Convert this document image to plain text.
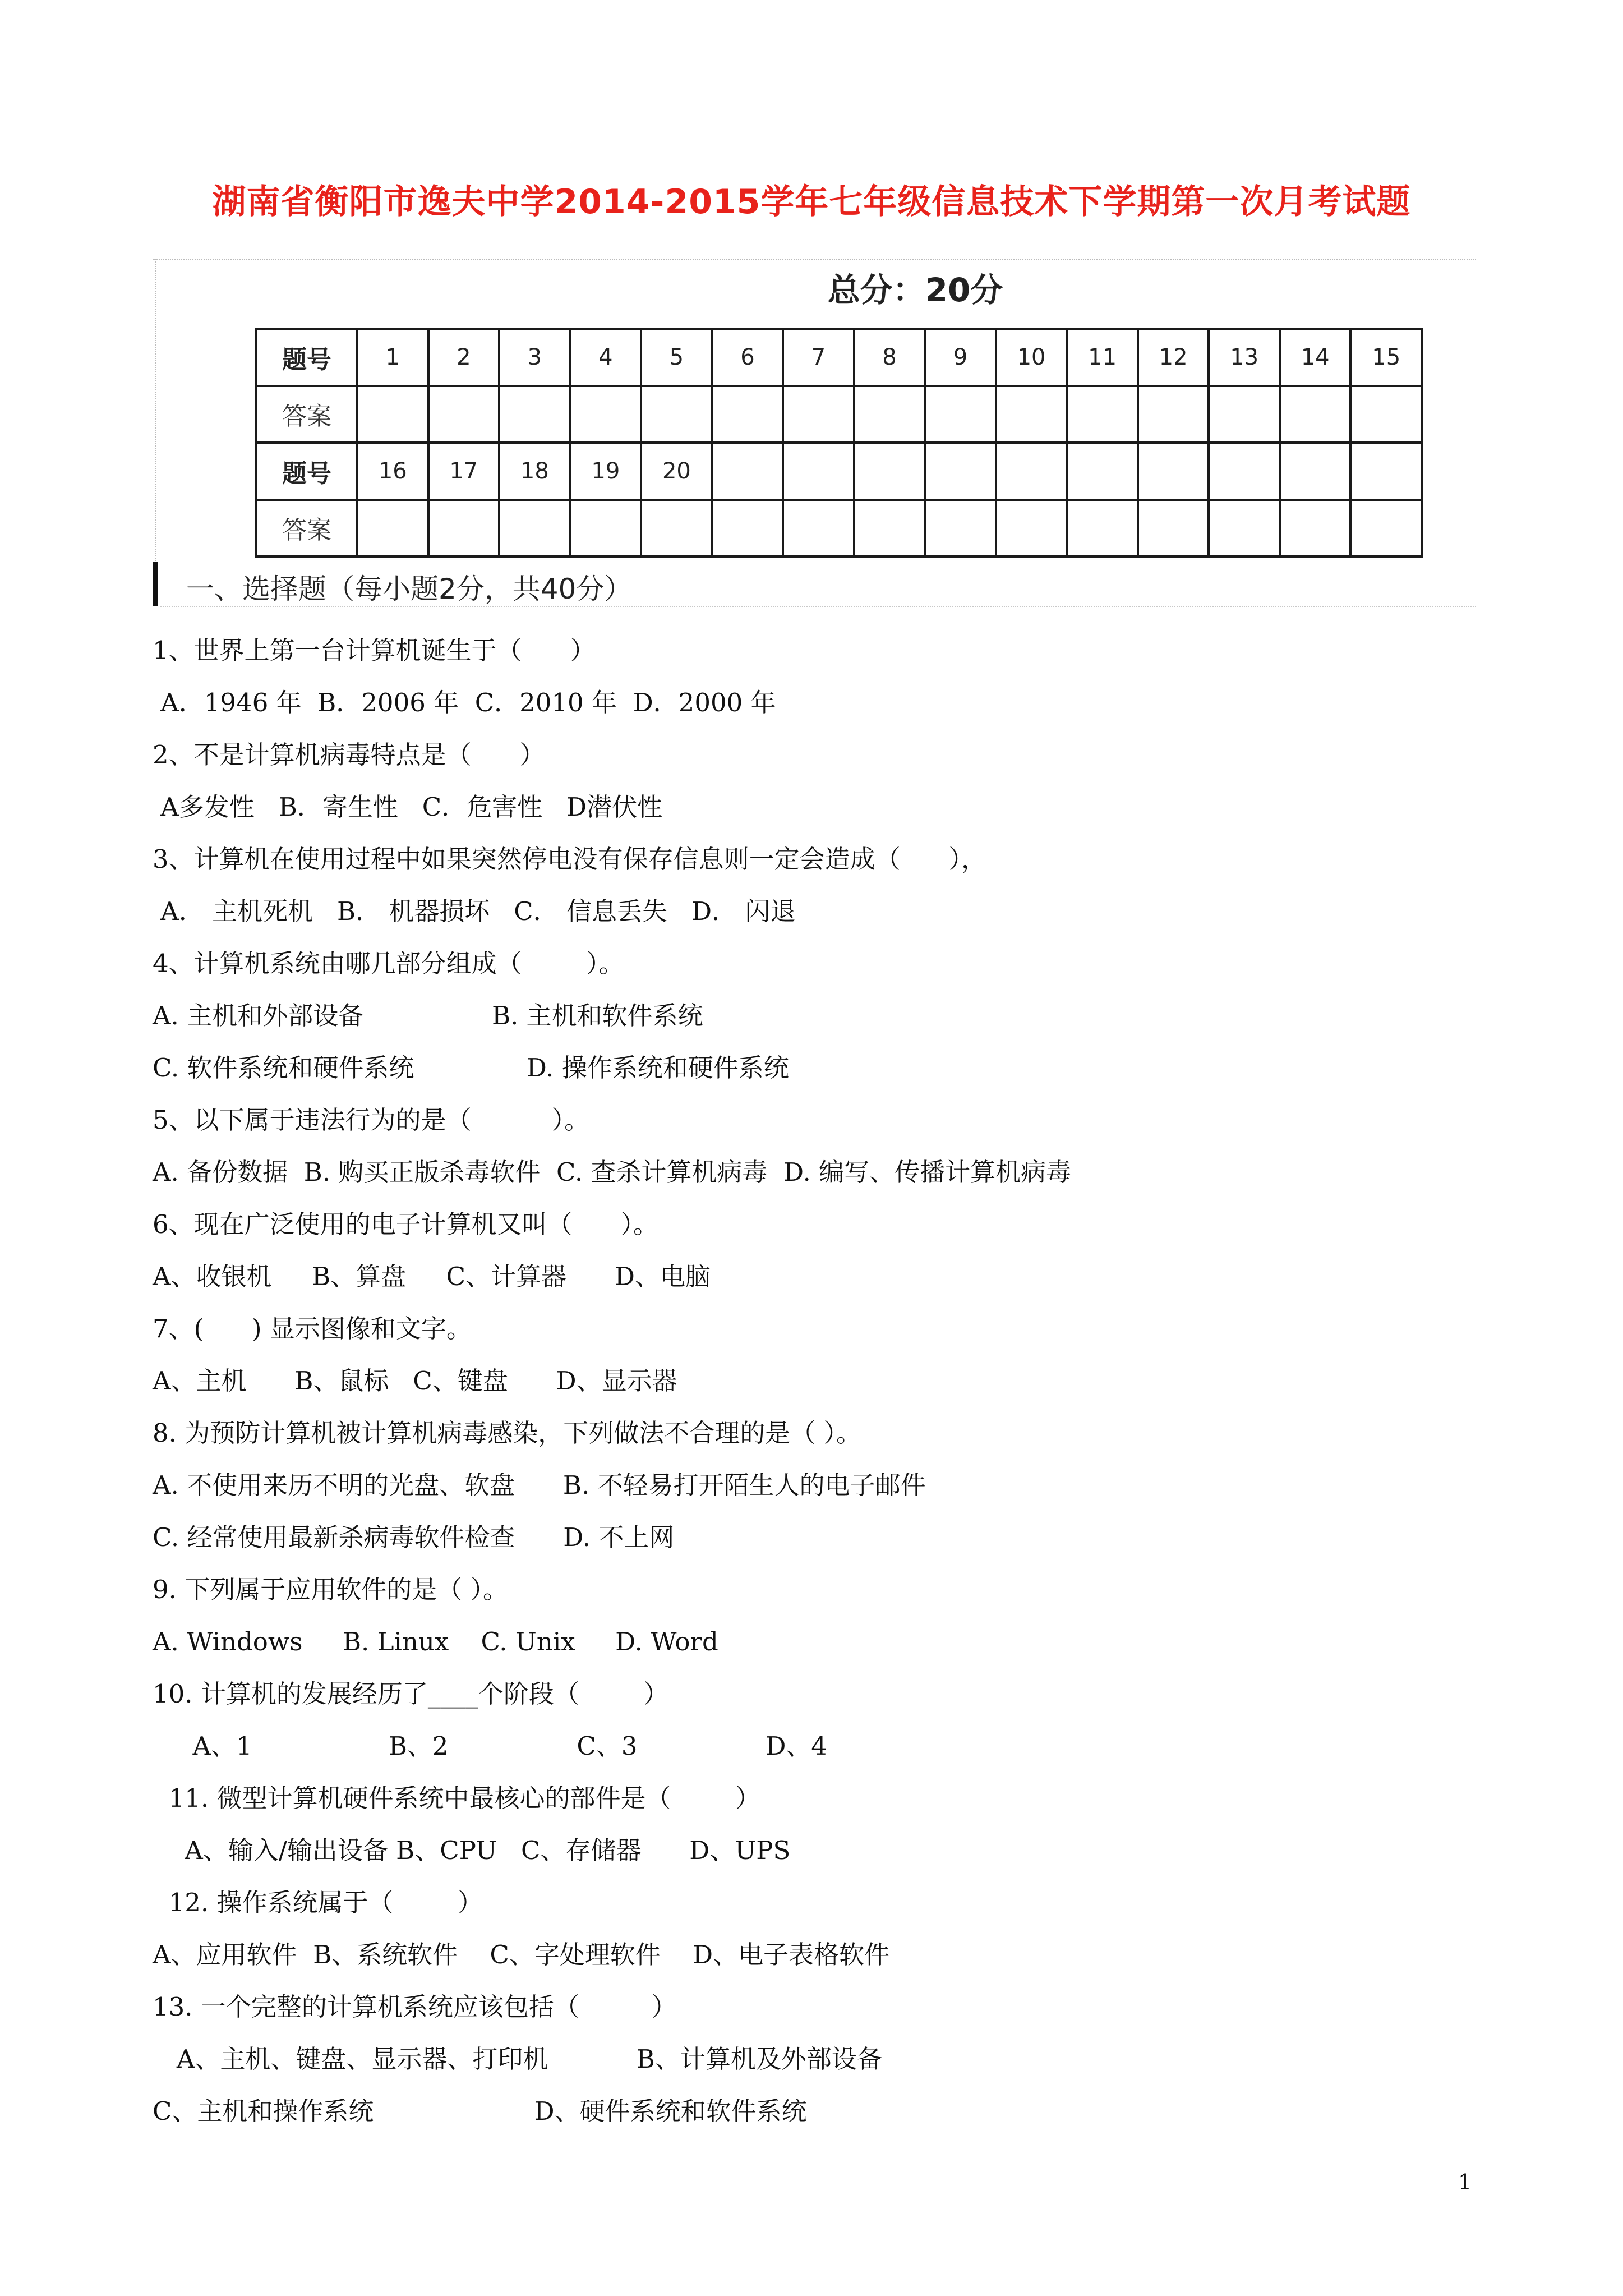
湖南省衡阳市逸夫中学2014-2015学年七年级信息技术下学期第一次月考试题
总分：20分
题号	1	2	3	4	5	6	7	8	9	10	11	12	13	14	15
答案															
题号	16	17	18	19	20										
答案															
一、选择题（每小题2分，共40分）
1、世界上第一台计算机诞生于（      ）
A．1946 年  B．2006 年  C．2010 年  D．2000 年
2、不是计算机病毒特点是（      ）
A多发性   B．寄生性   C．危害性   D潜伏性
3、计算机在使用过程中如果突然停电没有保存信息则一定会造成（      ），
A． 主机死机   B． 机器损坏   C． 信息丢失   D． 闪退
4、计算机系统由哪几部分组成（        ）。
A. 主机和外部设备                B. 主机和软件系统
C. 软件系统和硬件系统              D. 操作系统和硬件系统
5、以下属于违法行为的是（          ）。
A. 备份数据  B. 购买正版杀毒软件  C. 查杀计算机病毒  D. 编写、传播计算机病毒
6、现在广泛使用的电子计算机又叫（      ）。
A、收银机     B、算盘     C、计算器      D、电脑
7、(      ) 显示图像和文字。
A、主机      B、鼠标   C、键盘      D、显示器
8. 为预防计算机被计算机病毒感染，下列做法不合理的是（ ）。
A. 不使用来历不明的光盘、软盘      B. 不轻易打开陌生人的电子邮件
C. 经常使用最新杀病毒软件检查      D. 不上网
9. 下列属于应用软件的是（ ）。
A. Windows     B. Linux    C. Unix     D. Word
10. 计算机的发展经历了____个阶段（        ）
A、1                 B、2                C、3                D、4
11. 微型计算机硬件系统中最核心的部件是（        ）
A、输入/输出设备 B、CPU   C、存储器      D、UPS
12. 操作系统属于（        ）
A、应用软件  B、系统软件    C、字处理软件    D、电子表格软件
13. 一个完整的计算机系统应该包括（         ）
A、主机、键盘、显示器、打印机           B、计算机及外部设备
C、主机和操作系统                    D、硬件系统和软件系统
1
